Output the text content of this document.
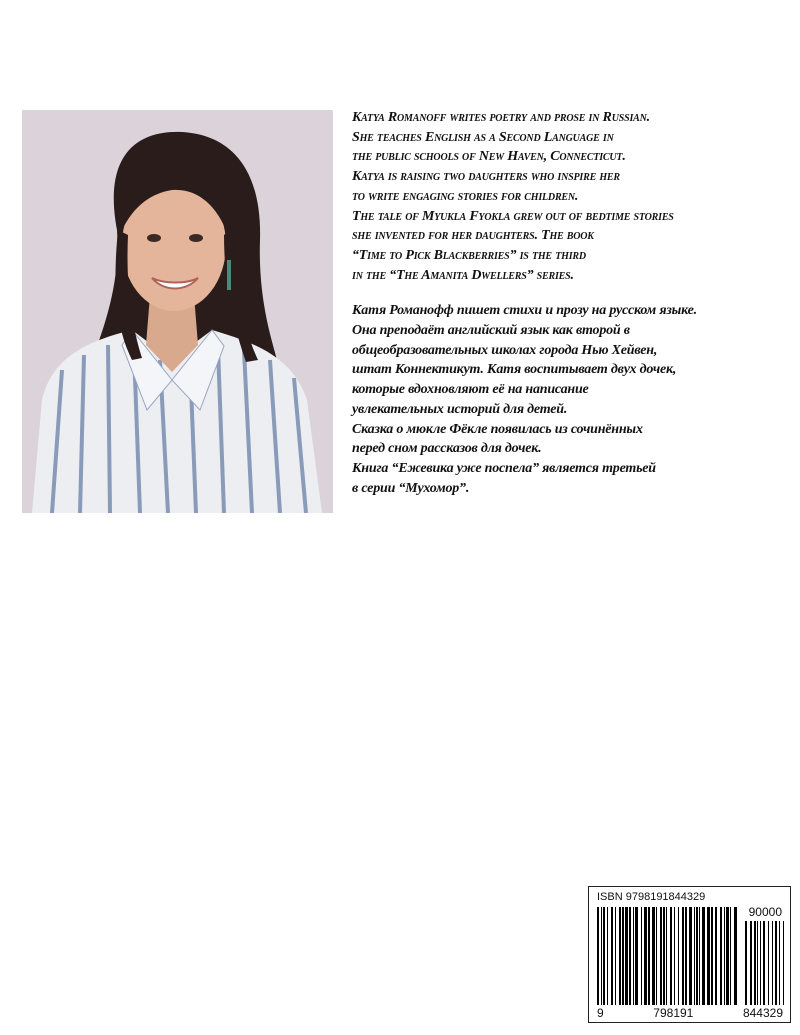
Katya Romanoff writes poetry and prose in Russian.
She teaches English as a Second Language in
the public schools of New Haven, Connecticut.
Katya is raising two daughters who inspire her
to write engaging stories for children.
The tale of Myukla Fyokla grew out of bedtime stories
she invented for her daughters. The book
“Time to Pick Blackberries” is the third
in the “The Amanita Dwellers” series.
Катя Романофф пишет стихи и прозу на русском языке.
Она преподаёт английский язык как второй в
общеобразовательных школах города Нью Хейвен,
штат Коннектикут. Катя воспитывает двух дочек,
которые вдохновляют её на написание
увлекательных историй для детей.
Сказка о мюкле Фёкле появилась из сочинённых
перед сном рассказов для дочек.
Книга “Ежевика уже поспела” является третьей
в серии “Мухомор”.
ISBN 9798191844329
90000
9	798191	844329
